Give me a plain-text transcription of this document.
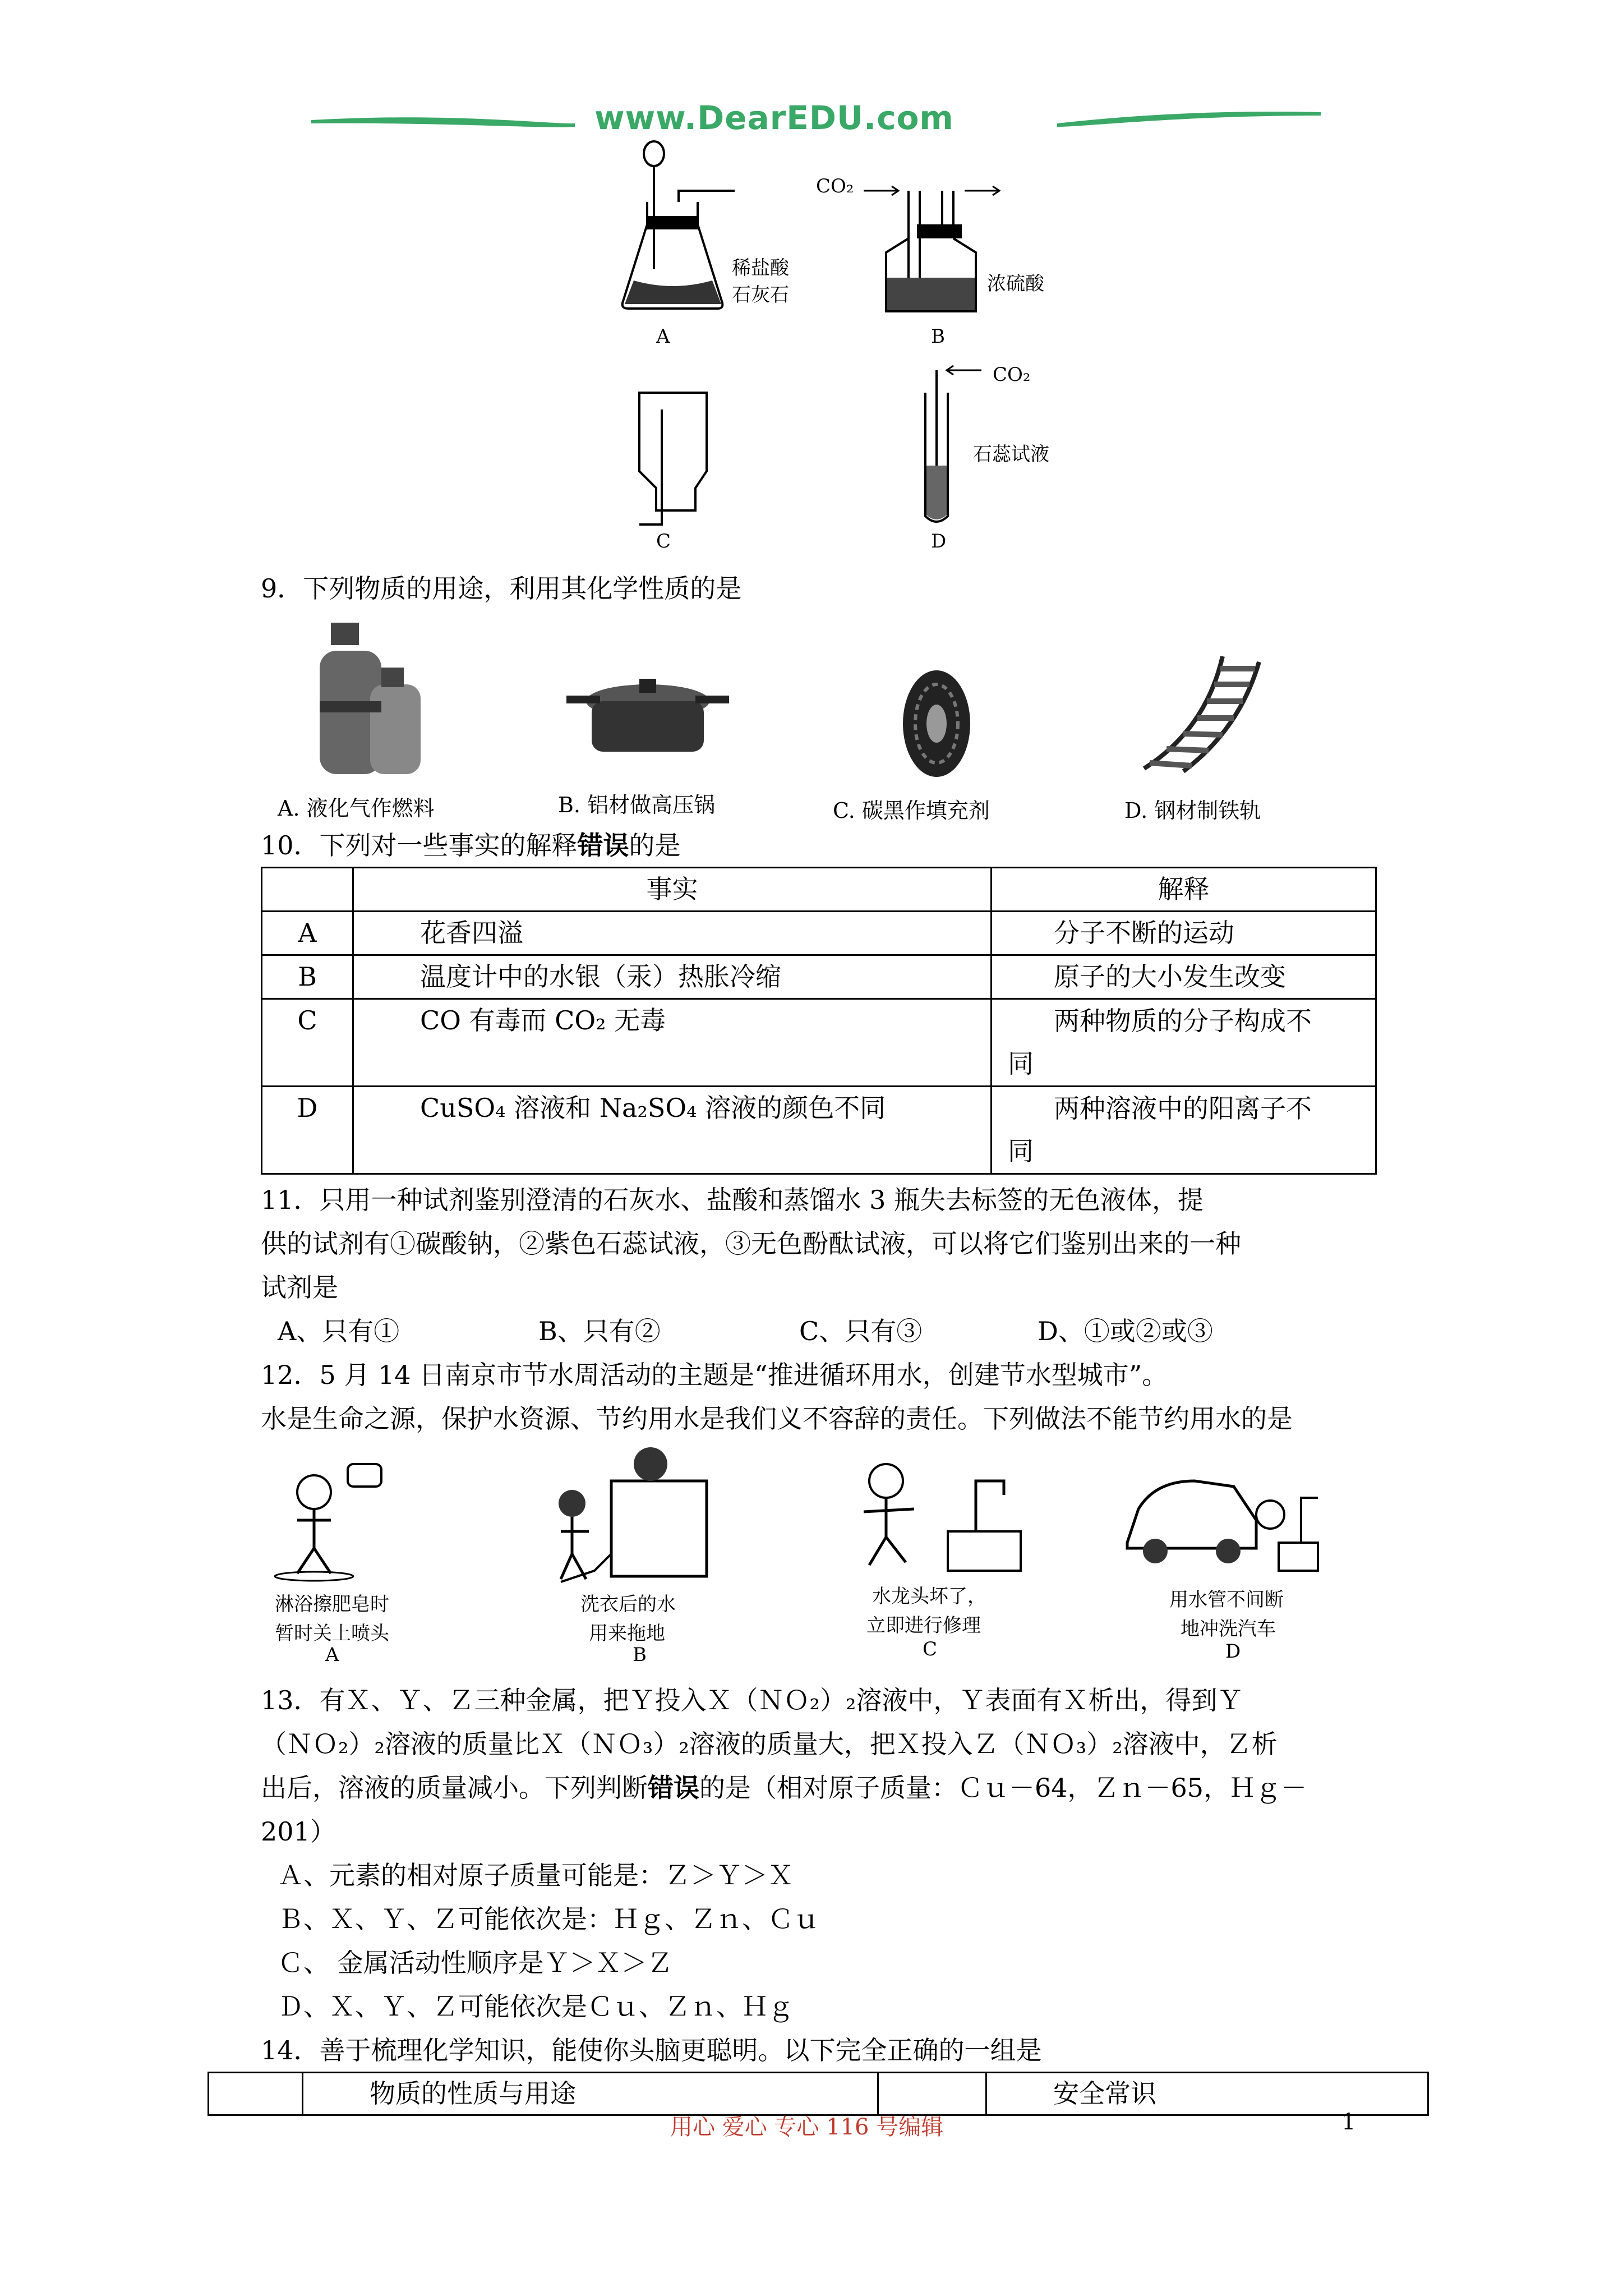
www.DearEDU.com
稀盐酸
石灰石
A
CO₂
浓硫酸
B
C
CO₂
石蕊试液
D
9．下列物质的用途，利用其化学性质的是
A. 液化气作燃料	B. 铝材做高压锅	C. 碳黑作填充剂	D. 钢材制铁轨
10．下列对一些事实的解释错误的是
	事实	解释
A	花香四溢	分子不断的运动
B	温度计中的水银（汞）热胀冷缩	原子的大小发生改变
C	CO 有毒而 CO₂ 无毒	两种物质的分子构成不
同

D	CuSO₄ 溶液和 Na₂SO₄ 溶液的颜色不同	两种溶液中的阳离子不
同
11．只用一种试剂鉴别澄清的石灰水、盐酸和蒸馏水 3 瓶失去标签的无色液体，提
供的试剂有①碳酸钠，②紫色石蕊试液，③无色酚酞试液，可以将它们鉴别出来的一种
试剂是
A、只有①	B、只有②	C、只有③	D、①或②或③
12．5 月 14 日南京市节水周活动的主题是“推进循环用水，创建节水型城市”。
水是生命之源，保护水资源、节约用水是我们义不容辞的责任。下列做法不能节约用水的是
淋浴擦肥皂时
暂时关上喷头
A
洗衣后的水
用来拖地
B
水龙头坏了，
立即进行修理
C
用水管不间断
地冲洗汽车
D
13．有Ｘ、Ｙ、Ｚ三种金属，把Ｙ投入Ｘ（ＮＯ₂）₂溶液中，Ｙ表面有Ｘ析出，得到Ｙ
（ＮＯ₂）₂溶液的质量比Ｘ（ＮＯ₃）₂溶液的质量大，把Ｘ投入Ｚ（ＮＯ₃）₂溶液中，Ｚ析
出后，溶液的质量减小。下列判断错误的是（相对原子质量：Ｃｕ－64，Ｚｎ－65，Ｈｇ－
201）
Ａ、元素的相对原子质量可能是：Ｚ＞Ｙ＞Ｘ
Ｂ、Ｘ、Ｙ、Ｚ可能依次是：Ｈｇ、Ｚｎ、Ｃｕ
Ｃ、 金属活动性顺序是Ｙ＞Ｘ＞Ｚ
Ｄ、Ｘ、Ｙ、Ｚ可能依次是Ｃｕ、Ｚｎ、Ｈｇ
14．善于梳理化学知识，能使你头脑更聪明。以下完全正确的一组是
	物质的性质与用途		安全常识
用心 爱心 专心 116 号编辑	1
